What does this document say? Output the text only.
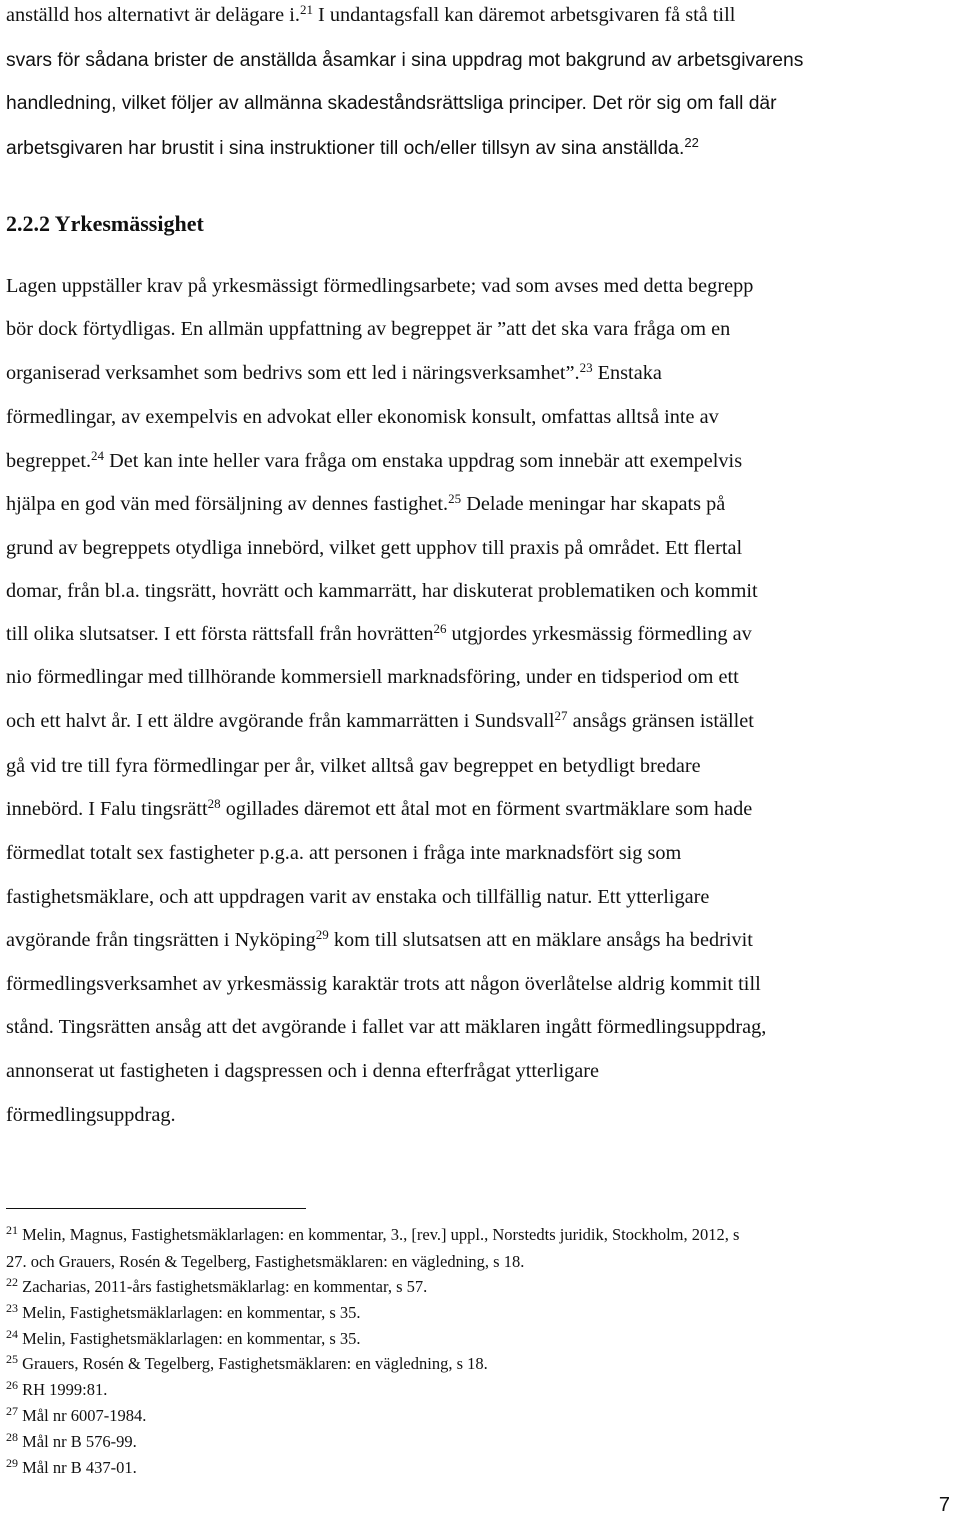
anställd hos alternativt är delägare i.$^{21}$ I undantagsfall kan däremot arbetsgivaren få stå till
svars för sådana brister de anställda åsamkar i sina uppdrag mot bakgrund av arbetsgivarens
handledning, vilket följer av allmänna skadeståndsrättsliga principer. Det rör sig om fall där
arbetsgivaren har brustit i sina instruktioner till och/eller tillsyn av sina anställda.$^{22}$
2.2.2 Yrkesmässighet
Lagen uppställer krav på yrkesmässigt förmedlingsarbete; vad som avses med detta begrepp
bör dock förtydligas. En allmän uppfattning av begreppet är ”att det ska vara fråga om en
organiserad verksamhet som bedrivs som ett led i näringsverksamhet”.$^{23}$ Enstaka
förmedlingar, av exempelvis en advokat eller ekonomisk konsult, omfattas alltså inte av
begreppet.$^{24}$ Det kan inte heller vara fråga om enstaka uppdrag som innebär att exempelvis
hjälpa en god vän med försäljning av dennes fastighet.$^{25}$ Delade meningar har skapats på
grund av begreppets otydliga innebörd, vilket gett upphov till praxis på området. Ett flertal
domar, från bl.a. tingsrätt, hovrätt och kammarrätt, har diskuterat problematiken och kommit
till olika slutsatser. I ett första rättsfall från hovrätten$^{26}$ utgjordes yrkesmässig förmedling av
nio förmedlingar med tillhörande kommersiell marknadsföring, under en tidsperiod om ett
och ett halvt år. I ett äldre avgörande från kammarrätten i Sundsvall$^{27}$ ansågs gränsen istället
gå vid tre till fyra förmedlingar per år, vilket alltså gav begreppet en betydligt bredare
innebörd. I Falu tingsrätt$^{28}$ ogillades däremot ett åtal mot en förment svartmäklare som hade
förmedlat totalt sex fastigheter p.g.a. att personen i fråga inte marknadsfört sig som
fastighetsmäklare, och att uppdragen varit av enstaka och tillfällig natur. Ett ytterligare
avgörande från tingsrätten i Nyköping$^{29}$ kom till slutsatsen att en mäklare ansågs ha bedrivit
förmedlingsverksamhet av yrkesmässig karaktär trots att någon överlåtelse aldrig kommit till
stånd. Tingsrätten ansåg att det avgörande i fallet var att mäklaren ingått förmedlingsuppdrag,
annonserat ut fastigheten i dagspressen och i denna efterfrågat ytterligare
förmedlingsuppdrag.
$^{21}$ Melin, Magnus, Fastighetsmäklarlagen: en kommentar, 3., [rev.] uppl., Norstedts juridik, Stockholm, 2012, s
27. och Grauers, Rosén & Tegelberg, Fastighetsmäklaren: en vägledning, s 18.
$^{22}$ Zacharias, 2011-års fastighetsmäklarlag: en kommentar, s 57.
$^{23}$ Melin, Fastighetsmäklarlagen: en kommentar, s 35.
$^{24}$ Melin, Fastighetsmäklarlagen: en kommentar, s 35.
$^{25}$ Grauers, Rosén & Tegelberg, Fastighetsmäklaren: en vägledning, s 18.
$^{26}$ RH 1999:81.
$^{27}$ Mål nr 6007-1984.
$^{28}$ Mål nr B 576-99.
$^{29}$ Mål nr B 437-01.
7
